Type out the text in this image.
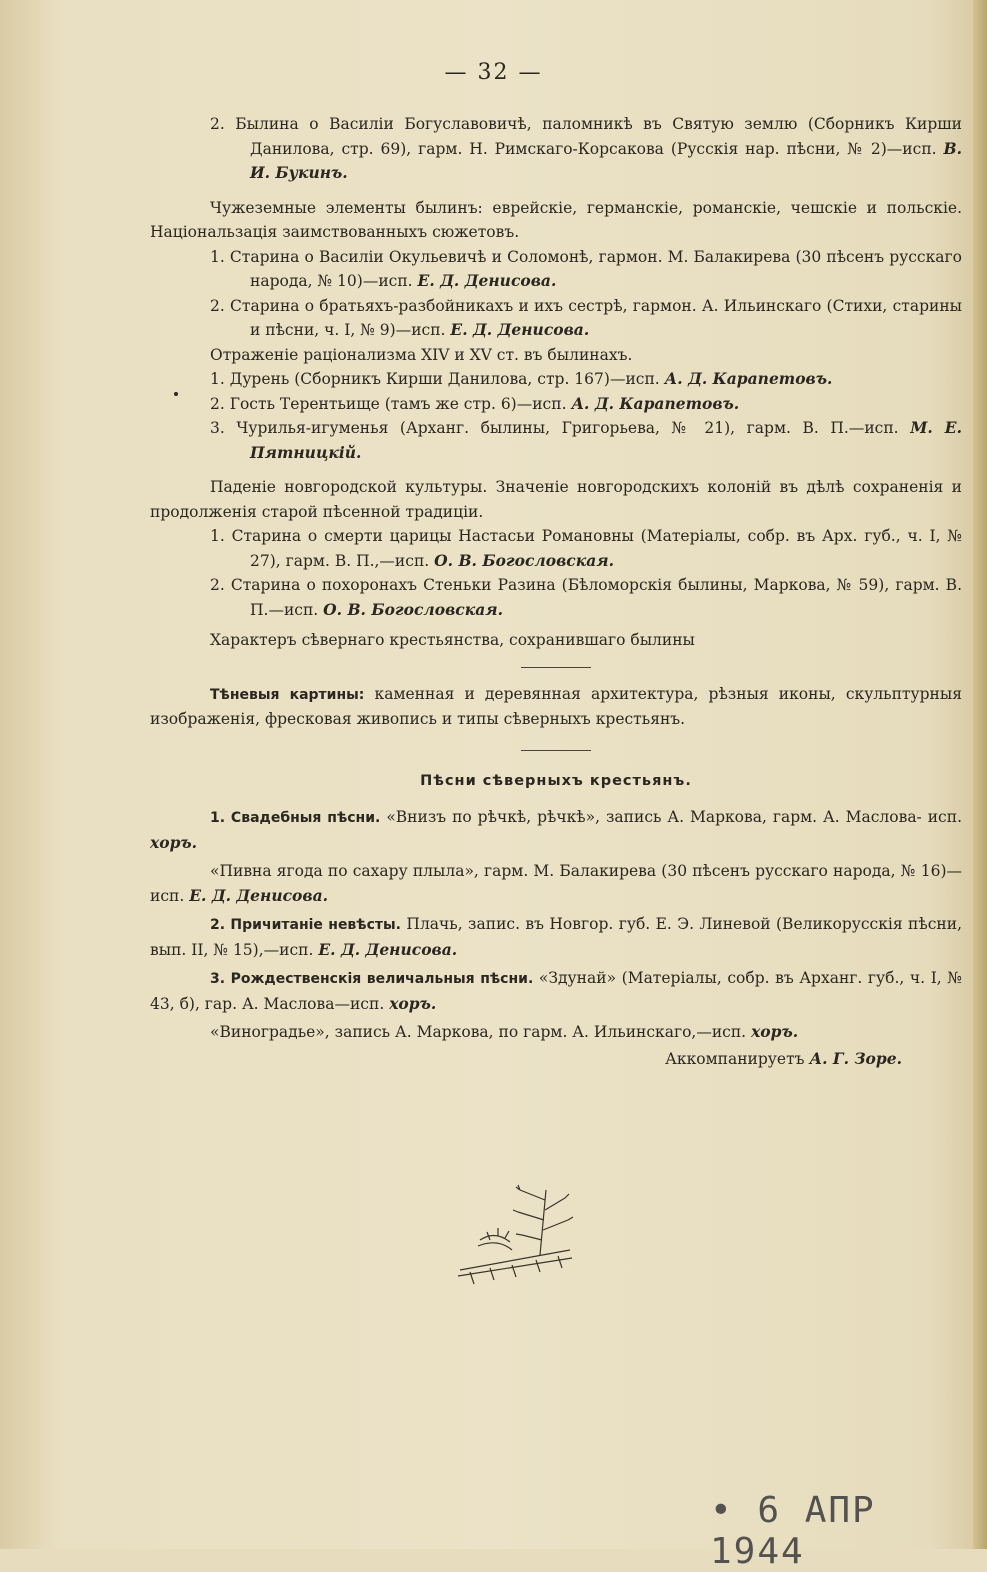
— 32 —

2. Былина о Василіи Богуславовичѣ, паломникѣ въ Святую землю (Сборникъ Кирши Данилова, стр. 69), гарм. Н. Римскаго-Корсакова (Русскія нар. пѣсни, № 2)—исп. В. И. Букинъ.

Чужеземные элементы былинъ: еврейскіе, германскіе, романскіе, чешскіе и польскіе. Національзація заимствованныхъ сюжетовъ.

1. Старина о Василіи Окульевичѣ и Соломонѣ, гармон. М. Балакирева (30 пѣсенъ русскаго народа, № 10)—исп. Е. Д. Денисова.

2. Старина о братьяхъ-разбойникахъ и ихъ сестрѣ, гармон. А. Ильинскаго (Стихи, старины и пѣсни, ч. I, № 9)—исп. Е. Д. Денисова.

Отраженіе раціонализма XIV и XV ст. въ былинахъ.

1. Дурень (Сборникъ Кирши Данилова, стр. 167)—исп. А. Д. Карапетовъ.

2. Гость Терентьище (тамъ же стр. 6)—исп. А. Д. Карапетовъ.

3. Чурилья-игуменья (Арханг. былины, Григорьева, № 21), гарм. В. П.—исп. М. Е. Пятницкій.

Паденіе новгородской культуры. Значеніе новгородскихъ колоній въ дѣлѣ сохраненія и продолженія старой пѣсенной традиціи.

1. Старина о смерти царицы Настасьи Романовны (Матеріалы, собр. въ Арх. губ., ч. I, № 27), гарм. В. П.,—исп. О. В. Богословская.

2. Старина о похоронахъ Стеньки Разина (Бѣломорскія былины, Маркова, № 59), гарм. В. П.—исп. О. В. Богословская.

Характеръ сѣвернаго крестьянства, сохранившаго былины

Тѣневыя картины: каменная и деревянная архитектура, рѣзныя иконы, скульптурныя изображенія, фресковая живопись и типы сѣверныхъ крестьянъ.

Пѣсни сѣверныхъ крестьянъ.

1. Свадебныя пѣсни. «Внизъ по рѣчкѣ, рѣчкѣ», запись А. Маркова, гарм. А. Маслова- исп. хоръ.

«Пивна ягода по сахару плыла», гарм. М. Балакирева (30 пѣсенъ русскаго народа, № 16)—исп. Е. Д. Денисова.

2. Причитаніе невѣсты. Плачь, запис. въ Новгор. губ. Е. Э. Линевой (Великорусскія пѣсни, вып. II, № 15),—исп. Е. Д. Денисова.

3. Рождественскія величальныя пѣсни. «Здунай» (Матеріалы, собр. въ Арханг. губ., ч. I, № 43, б), гар. А. Маслова—исп. хоръ.

«Виноградье», запись А. Маркова, по гарм. А. Ильинскаго,—исп. хоръ.

Аккомпанируетъ А. Г. Зоре.

• 6 АПР 1944
